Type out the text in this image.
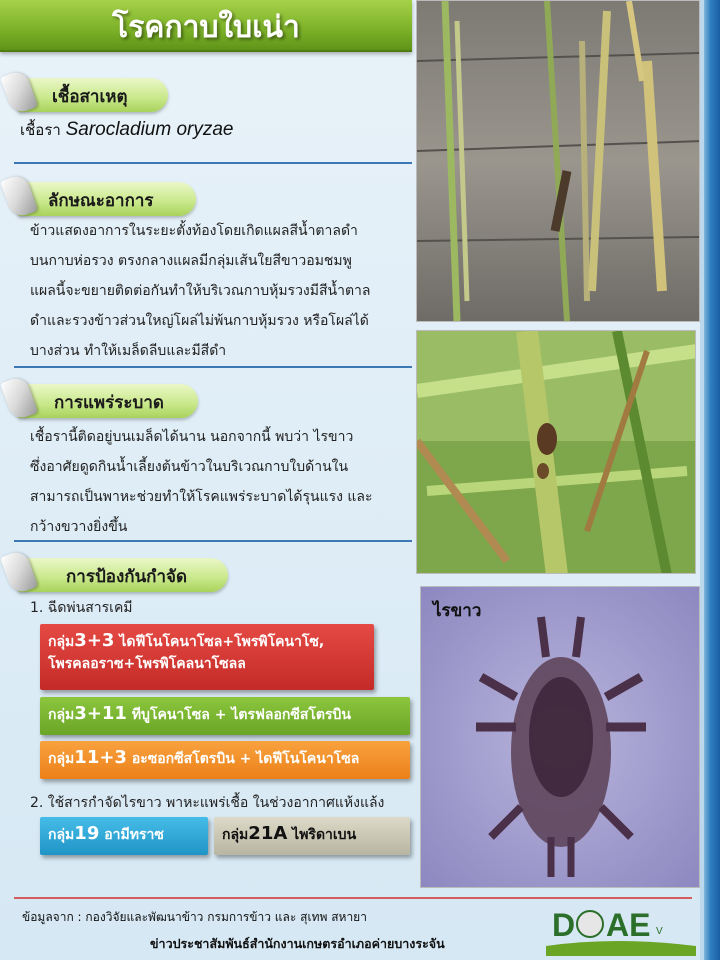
โรคกาบใบเน่า
เชื้อสาเหตุ
เชื้อรา Sarocladium oryzae
ลักษณะอาการ
ข้าวแสดงอาการในระยะตั้งท้องโดยเกิดแผลสีน้ำตาลดำ
บนกาบห่อรวง ตรงกลางแผลมีกลุ่มเส้นใยสีขาวอมชมพู
แผลนี้จะขยายติดต่อกันทำให้บริเวณกาบหุ้มรวงมีสีน้ำตาล
ดำและรวงข้าวส่วนใหญ่โผล่ไม่พ้นกาบหุ้มรวง หรือโผล่ได้
บางส่วน ทำให้เมล็ดลีบและมีสีดำ
การแพร่ระบาด
เชื้อรานี้ติดอยู่บนเมล็ดได้นาน นอกจากนี้ พบว่า ไรขาว
ซึ่งอาศัยดูดกินน้ำเลี้ยงต้นข้าวในบริเวณกาบใบด้านใน
สามารถเป็นพาหะช่วยทำให้โรคแพร่ระบาดได้รุนแรง และ
กว้างขวางยิ่งขึ้น
การป้องกันกำจัด
1. ฉีดพ่นสารเคมี
กลุ่ม3+3 ไดฟีโนโคนาโซล+โพรพิโคนาโซ,
โพรคลอราซ+โพรพิโคลนาโซลล
กลุ่ม3+11 ทีบูโคนาโซล + ไตรฟลอกซีสโตรบิน
กลุ่ม11+3 อะซอกซีสโตรบิน + ไดฟีโนโคนาโซล
2. ใช้สารกำจัดไรขาว พาหะแพร่เชื้อ ในช่วงอากาศแห้งแล้ง
กลุ่ม19 อามีทราซ	กลุ่ม21A ไพริดาเบน
ไรขาว
ข้อมูลจาก : กองวิจัยและพัฒนาข้าว กรมการข้าว และ สุเทพ สหายา
ข่าวประชาสัมพันธ์สำนักงานเกษตรอำเภอค่ายบางระจัน
D AE V
